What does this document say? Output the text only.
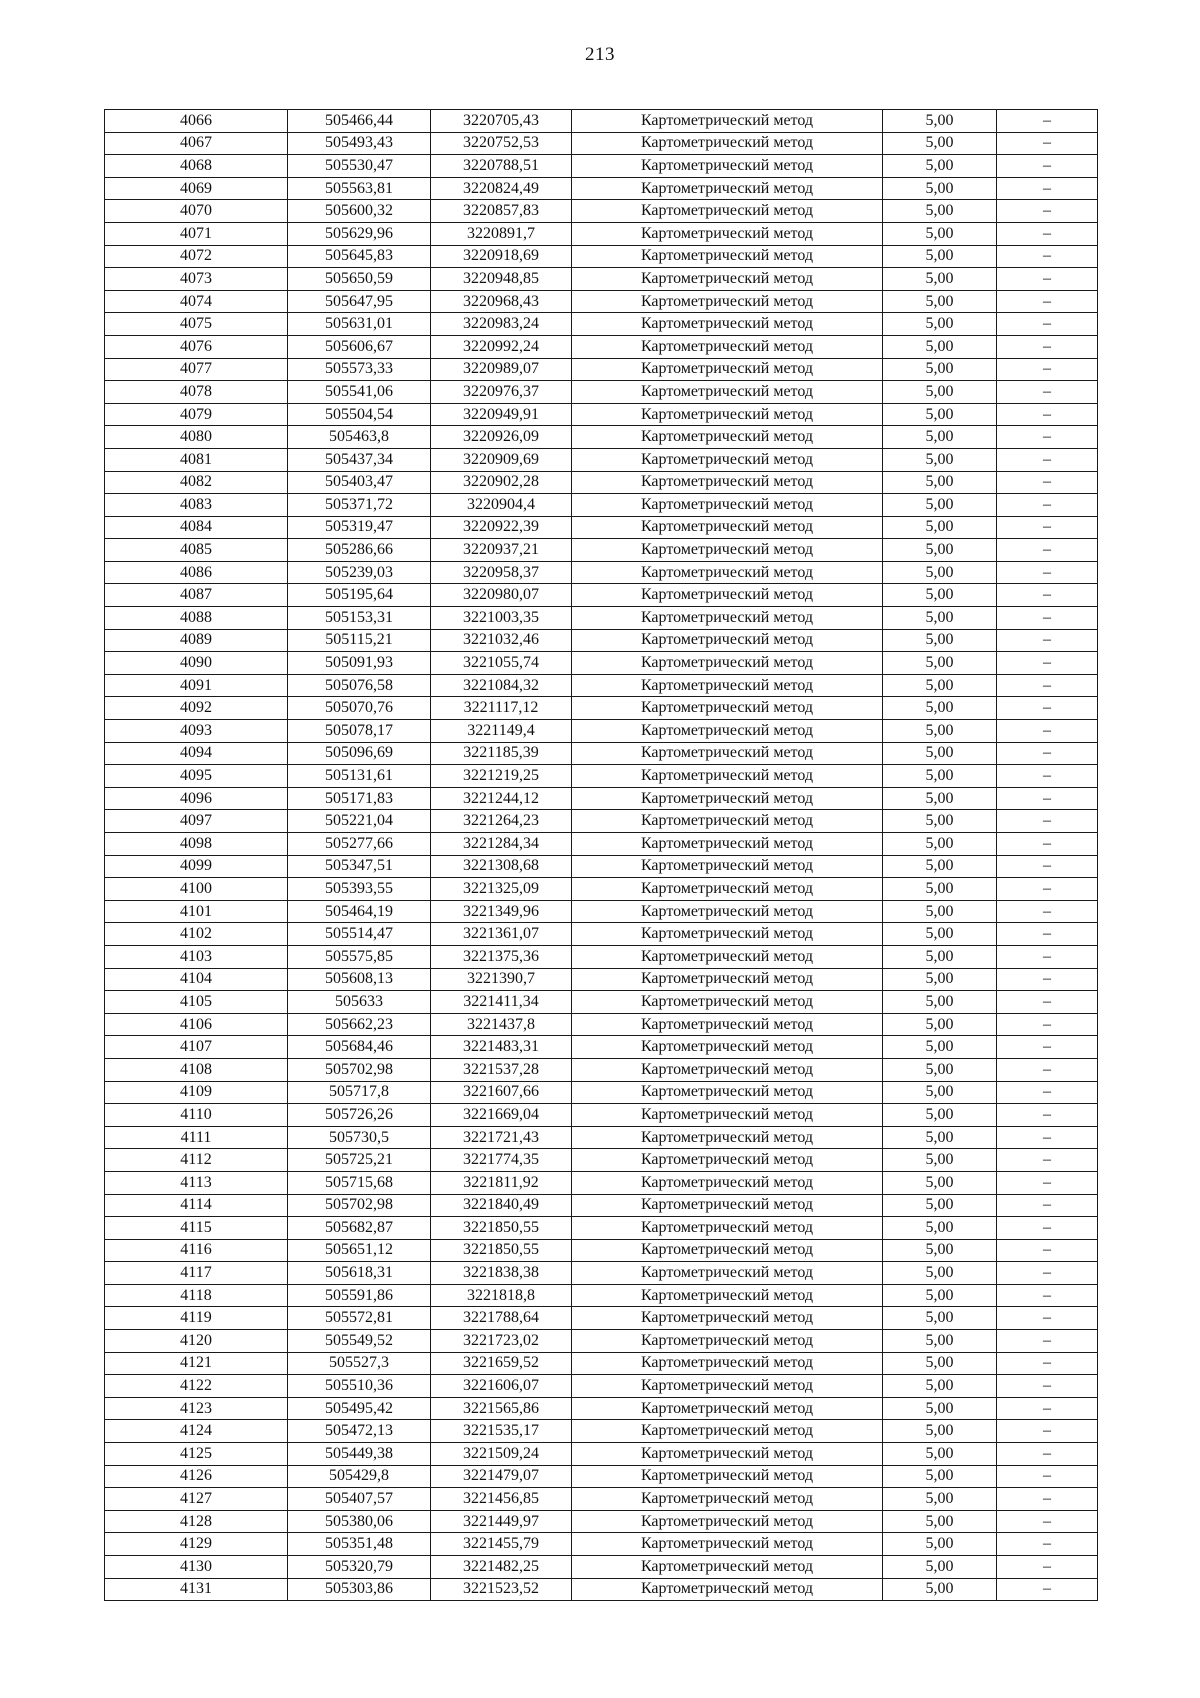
213
4066	505466,44	3220705,43	Картометрический метод	5,00	–
4067	505493,43	3220752,53	Картометрический метод	5,00	–
4068	505530,47	3220788,51	Картометрический метод	5,00	–
4069	505563,81	3220824,49	Картометрический метод	5,00	–
4070	505600,32	3220857,83	Картометрический метод	5,00	–
4071	505629,96	3220891,7	Картометрический метод	5,00	–
4072	505645,83	3220918,69	Картометрический метод	5,00	–
4073	505650,59	3220948,85	Картометрический метод	5,00	–
4074	505647,95	3220968,43	Картометрический метод	5,00	–
4075	505631,01	3220983,24	Картометрический метод	5,00	–
4076	505606,67	3220992,24	Картометрический метод	5,00	–
4077	505573,33	3220989,07	Картометрический метод	5,00	–
4078	505541,06	3220976,37	Картометрический метод	5,00	–
4079	505504,54	3220949,91	Картометрический метод	5,00	–
4080	505463,8	3220926,09	Картометрический метод	5,00	–
4081	505437,34	3220909,69	Картометрический метод	5,00	–
4082	505403,47	3220902,28	Картометрический метод	5,00	–
4083	505371,72	3220904,4	Картометрический метод	5,00	–
4084	505319,47	3220922,39	Картометрический метод	5,00	–
4085	505286,66	3220937,21	Картометрический метод	5,00	–
4086	505239,03	3220958,37	Картометрический метод	5,00	–
4087	505195,64	3220980,07	Картометрический метод	5,00	–
4088	505153,31	3221003,35	Картометрический метод	5,00	–
4089	505115,21	3221032,46	Картометрический метод	5,00	–
4090	505091,93	3221055,74	Картометрический метод	5,00	–
4091	505076,58	3221084,32	Картометрический метод	5,00	–
4092	505070,76	3221117,12	Картометрический метод	5,00	–
4093	505078,17	3221149,4	Картометрический метод	5,00	–
4094	505096,69	3221185,39	Картометрический метод	5,00	–
4095	505131,61	3221219,25	Картометрический метод	5,00	–
4096	505171,83	3221244,12	Картометрический метод	5,00	–
4097	505221,04	3221264,23	Картометрический метод	5,00	–
4098	505277,66	3221284,34	Картометрический метод	5,00	–
4099	505347,51	3221308,68	Картометрический метод	5,00	–
4100	505393,55	3221325,09	Картометрический метод	5,00	–
4101	505464,19	3221349,96	Картометрический метод	5,00	–
4102	505514,47	3221361,07	Картометрический метод	5,00	–
4103	505575,85	3221375,36	Картометрический метод	5,00	–
4104	505608,13	3221390,7	Картометрический метод	5,00	–
4105	505633	3221411,34	Картометрический метод	5,00	–
4106	505662,23	3221437,8	Картометрический метод	5,00	–
4107	505684,46	3221483,31	Картометрический метод	5,00	–
4108	505702,98	3221537,28	Картометрический метод	5,00	–
4109	505717,8	3221607,66	Картометрический метод	5,00	–
4110	505726,26	3221669,04	Картометрический метод	5,00	–
4111	505730,5	3221721,43	Картометрический метод	5,00	–
4112	505725,21	3221774,35	Картометрический метод	5,00	–
4113	505715,68	3221811,92	Картометрический метод	5,00	–
4114	505702,98	3221840,49	Картометрический метод	5,00	–
4115	505682,87	3221850,55	Картометрический метод	5,00	–
4116	505651,12	3221850,55	Картометрический метод	5,00	–
4117	505618,31	3221838,38	Картометрический метод	5,00	–
4118	505591,86	3221818,8	Картометрический метод	5,00	–
4119	505572,81	3221788,64	Картометрический метод	5,00	–
4120	505549,52	3221723,02	Картометрический метод	5,00	–
4121	505527,3	3221659,52	Картометрический метод	5,00	–
4122	505510,36	3221606,07	Картометрический метод	5,00	–
4123	505495,42	3221565,86	Картометрический метод	5,00	–
4124	505472,13	3221535,17	Картометрический метод	5,00	–
4125	505449,38	3221509,24	Картометрический метод	5,00	–
4126	505429,8	3221479,07	Картометрический метод	5,00	–
4127	505407,57	3221456,85	Картометрический метод	5,00	–
4128	505380,06	3221449,97	Картометрический метод	5,00	–
4129	505351,48	3221455,79	Картометрический метод	5,00	–
4130	505320,79	3221482,25	Картометрический метод	5,00	–
4131	505303,86	3221523,52	Картометрический метод	5,00	–
